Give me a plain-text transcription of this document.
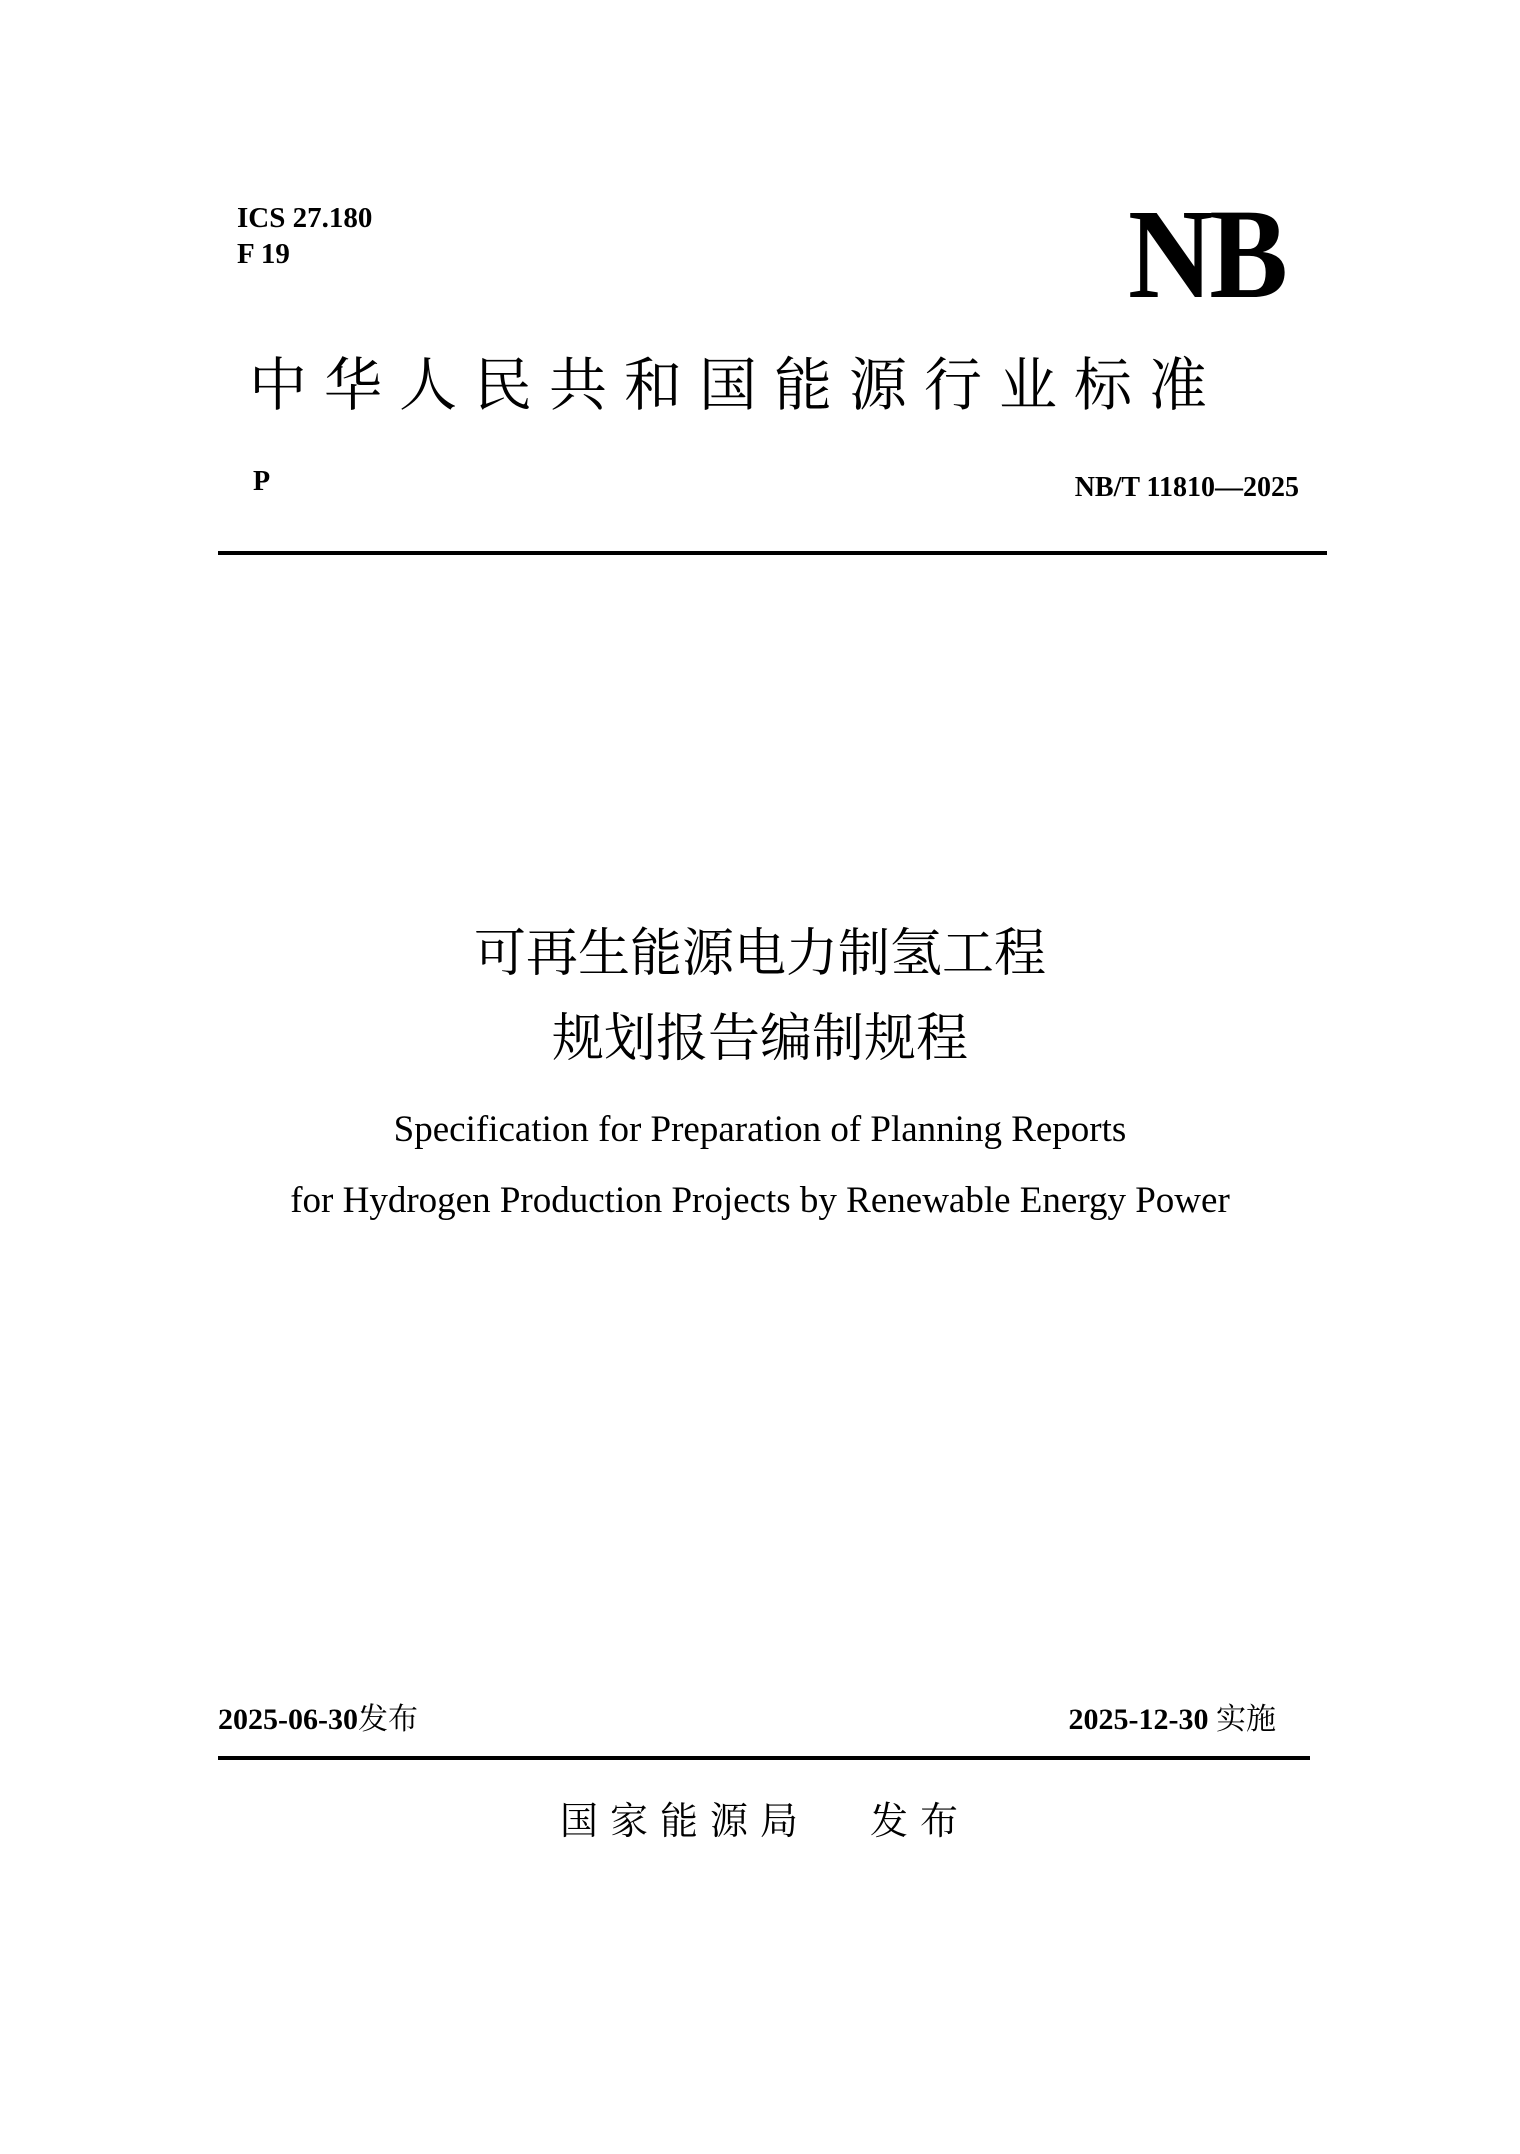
ICS 27.180
F 19	NB
中华人民共和国能源行业标准
P	NB/T 11810—2025
可再生能源电力制氢工程
规划报告编制规程
Specification for Preparation of Planning Reports
for Hydrogen Production Projects by Renewable Energy Power
2025-06-30发布	2025-12-30 实施
国家能源局 发布
